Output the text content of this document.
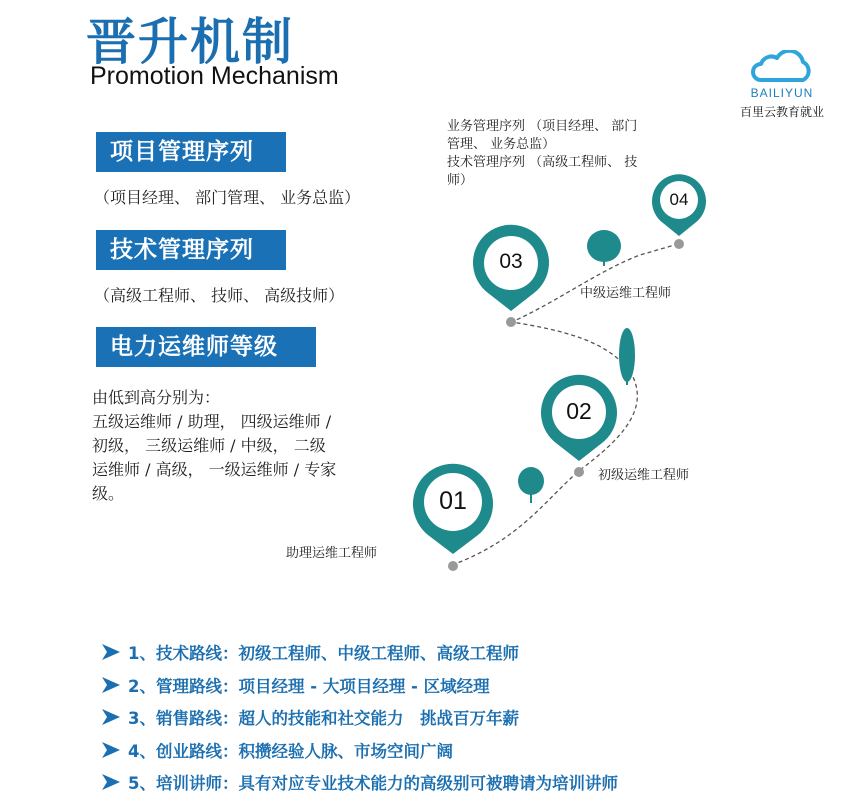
晋升机制
Promotion Mechanism
BAILIYUN
百里云教育就业
项目管理序列
（项目经理、 部门管理、 业务总监）
技术管理序列
（高级工程师、 技师、 高级技师）
电力运维师等级
由低到高分别为：
五级运维师 / 助理， 四级运维师 /
初级， 三级运维师 / 中级， 二级
运维师 / 高级， 一级运维师 / 专家
级。	01
02
03
04
助理运维工程师
初级运维工程师
中级运维工程师
业务管理序列 （项目经理、 部门
管理、 业务总监）
技术管理序列 （高级工程师、 技
师）
1、技术路线：初级工程师、中级工程师、高级工程师
2、管理路线：项目经理 - 大项目经理 - 区域经理
3、销售路线：超人的技能和社交能力　挑战百万年薪
4、创业路线：积攒经验人脉、市场空间广阔
5、培训讲师：具有对应专业技术能力的高级别可被聘请为培训讲师
